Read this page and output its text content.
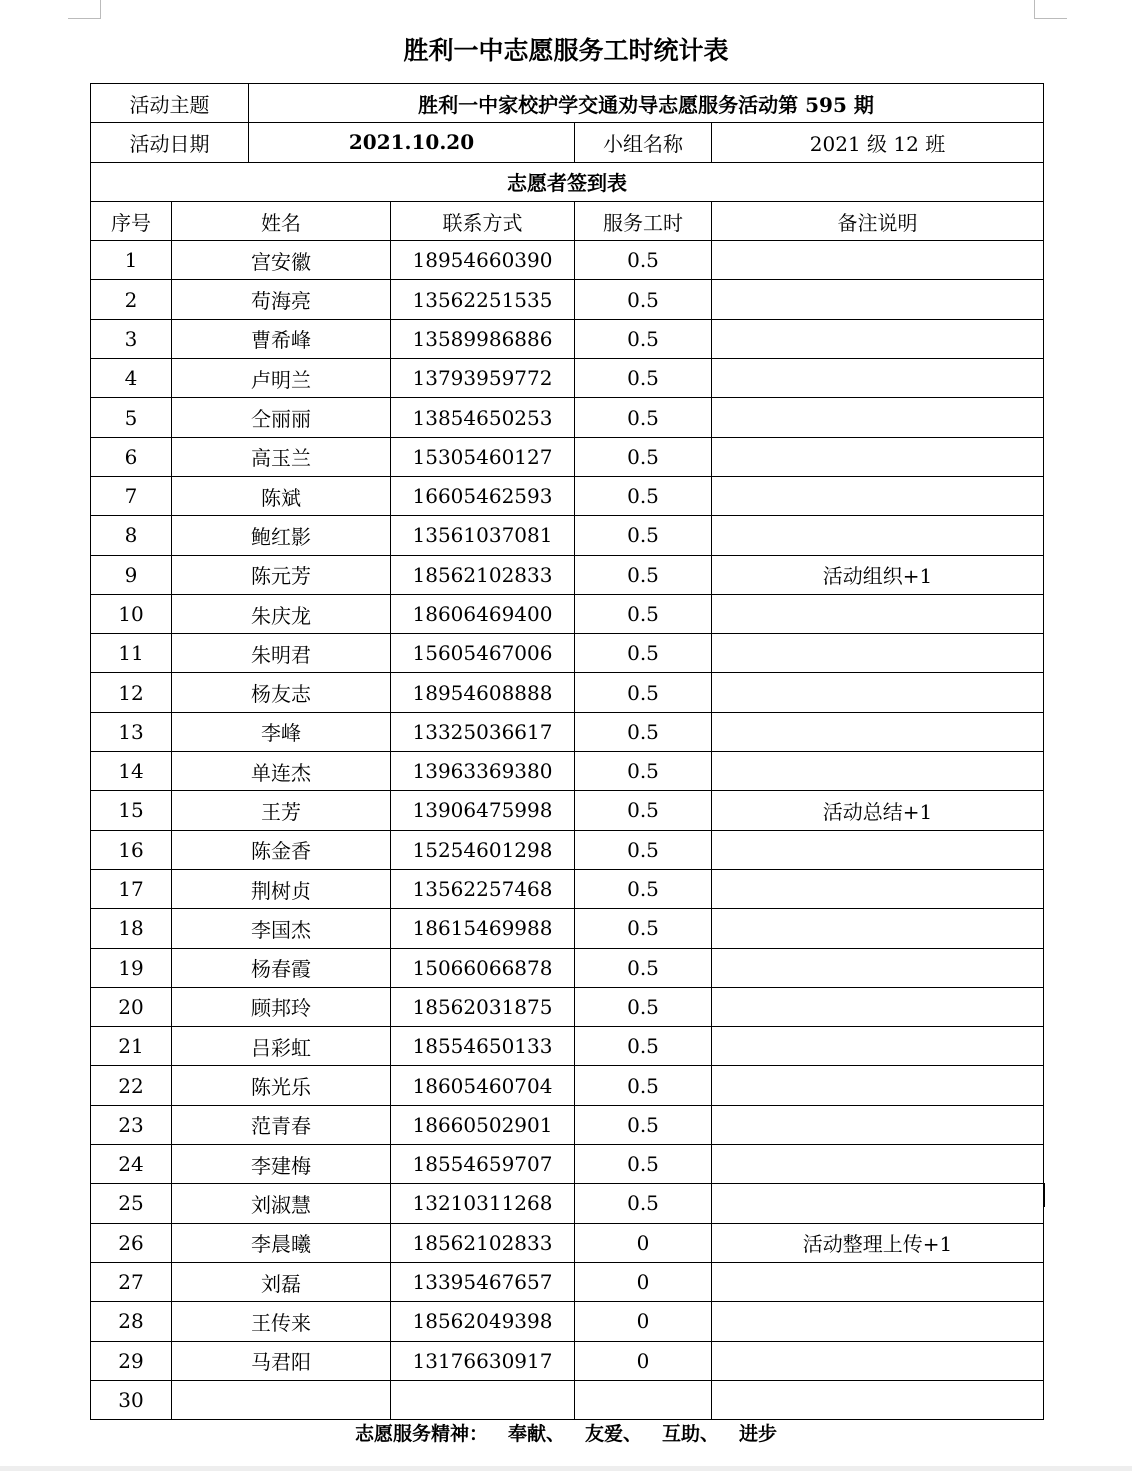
胜利一中志愿服务工时统计表
活动主题		胜利一中家校护学交通劝导志愿服务活动第 595 期			
活动日期		2021.10.20		小组名称	2021 级 12 班
志愿者签到表					
序号	姓名		联系方式	服务工时	备注说明
1	宫安徽		18954660390	0.5	
2	苟海亮		13562251535	0.5	
3	曹希峰		13589986886	0.5	
4	卢明兰		13793959772	0.5	
5	仝丽丽		13854650253	0.5	
6	高玉兰		15305460127	0.5	
7	陈斌		16605462593	0.5	
8	鲍红影		13561037081	0.5	
9	陈元芳		18562102833	0.5	活动组织+1
10	朱庆龙		18606469400	0.5	
11	朱明君		15605467006	0.5	
12	杨友志		18954608888	0.5	
13	李峰		13325036617	0.5	
14	单连杰		13963369380	0.5	
15	王芳		13906475998	0.5	活动总结+1
16	陈金香		15254601298	0.5	
17	荆树贞		13562257468	0.5	
18	李国杰		18615469988	0.5	
19	杨春霞		15066066878	0.5	
20	顾邦玲		18562031875	0.5	
21	吕彩虹		18554650133	0.5	
22	陈光乐		18605460704	0.5	
23	范青春		18660502901	0.5	
24	李建梅		18554659707	0.5	
25	刘淑慧		13210311268	0.5	
26	李晨曦		18562102833	0	活动整理上传+1
27	刘磊		13395467657	0	
28	王传来		18562049398	0	
29	马君阳		13176630917	0	
30					
志愿服务精神： 奉献、 友爱、 互助、 进步
